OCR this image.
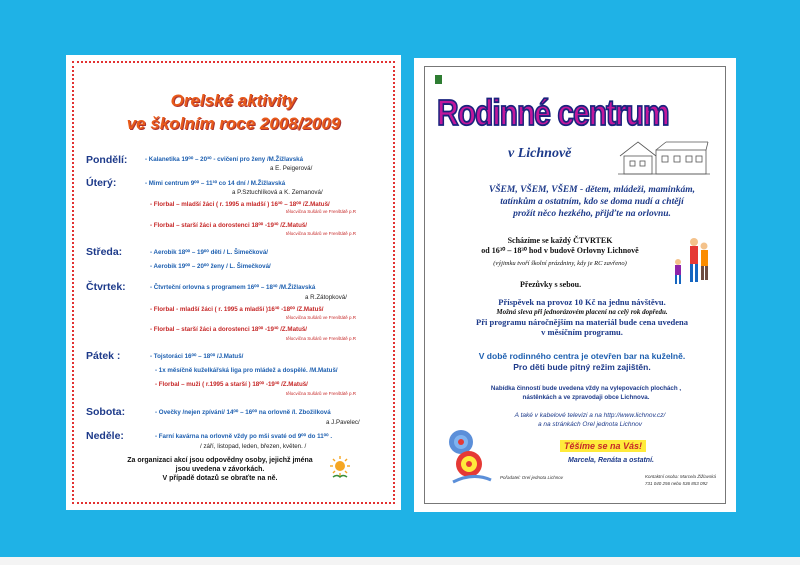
Orelské aktivity
ve školním roce 2008/2009
Pondělí:	- Kalanetika 19⁰⁰ – 20³⁰ - cvičení pro ženy /M.Žižlavská
a E. Peigerová/
Úterý:	- Mimi centrum 9⁰⁰ – 11³⁰ co 14 dní / M.Žižlavská
a P.Sztuchlíková a K. Zemanová/
- Florbal – mladší žáci ( r. 1995 a mladší ) 16³⁰ – 18⁰⁰ /Z.Matuš/
tělocvična Sušárů ve Frenštátě p.R
- Florbal – starší žáci a dorostenci 18⁰⁰ -19³⁰ /Z.Matuš/
tělocvična Sušárů ve Frenštátě p.R
Středa:	- Aerobik 18⁰⁰ – 19⁰⁰ děti / L. Šimečková/
- Aerobik 19⁰⁰ – 20⁰⁰ ženy / L. Šimečková/
Čtvrtek:	- Čtvrteční orlovna s programem 16⁰⁰ – 18³⁰ /M.Žižlavská
a R.Zátopková/
- Florbal - mladší žáci ( r. 1995 a mladší )16³⁰ -18⁰⁰ /Z.Matuš/
tělocvična Sušárů ve Frenštátě p.R
- Florbal – starší žáci a dorostenci 18⁰⁰ -19³⁰ /Z.Matuš/
tělocvična Sušárů ve Frenštátě p.R
Pátek :	- Tojstoráci 16⁰⁰ – 18⁰⁰ /J.Matuš/
- 1x měsíčně kuželkářská liga pro mládež a dospělé. /M.Matuš/
- Florbal – muži ( r.1995 a starší ) 18⁰⁰ -19³⁰ /Z.Matuš/
tělocvična Sušárů ve Frenštátě p.R
Sobota:	- Ovečky /nejen zpívání/ 14⁰⁰ – 16⁰⁰ na orlovně /I. Zbožilková
a J.Pavelec/
Neděle:	- Farní kavárna na orlovně vždy po mši svaté od 9⁰⁰ do 11⁰⁰ .
/ září, listopad, leden, březen, květen. /
Za organizaci akcí jsou odpovědny osoby, jejichž jména
jsou uvedena v závorkách.
V případě dotazů se obraťte na ně.
Rodinné centrum
v Lichnově
VŠEM, VŠEM, VŠEM - dětem, mládeži, maminkám,
tatínkům a ostatním, kdo se doma nudí a chtějí
prožít něco hezkého, přijďte na orlovnu.
Scházíme se každý ČTVRTEK
od 16³⁰ – 18³⁰ hod v budově Orlovny Lichnově
(výjimku tvoří školní prázdniny, kdy je RC zavřeno)
Přezůvky s sebou.
Příspěvek na provoz 10 Kč na jednu návštěvu.
Možná sleva při jednorázovém placení na celý rok dopředu.
Při programu náročnějším na materiál bude cena uvedena
v měsíčním programu.
V době rodinného centra je otevřen bar na kuželně.
Pro děti bude pitný režim zajištěn.
Nabídka činností bude uvedena vždy na vylepovacích plochách ,
nástěnkách a ve zpravodaji obce Lichnova.
A také v kabelové televizi a na http://www.lichnov.cz/
a na stránkách Orel jednota Lichnov
Těšíme se na Vás!
Marcela, Renáta a ostatní.
Pořadatel: Orel jednota Lichnov	Kontaktní osoba: Marcela Žižlavská
731 040 256 nebo 536 853 092
